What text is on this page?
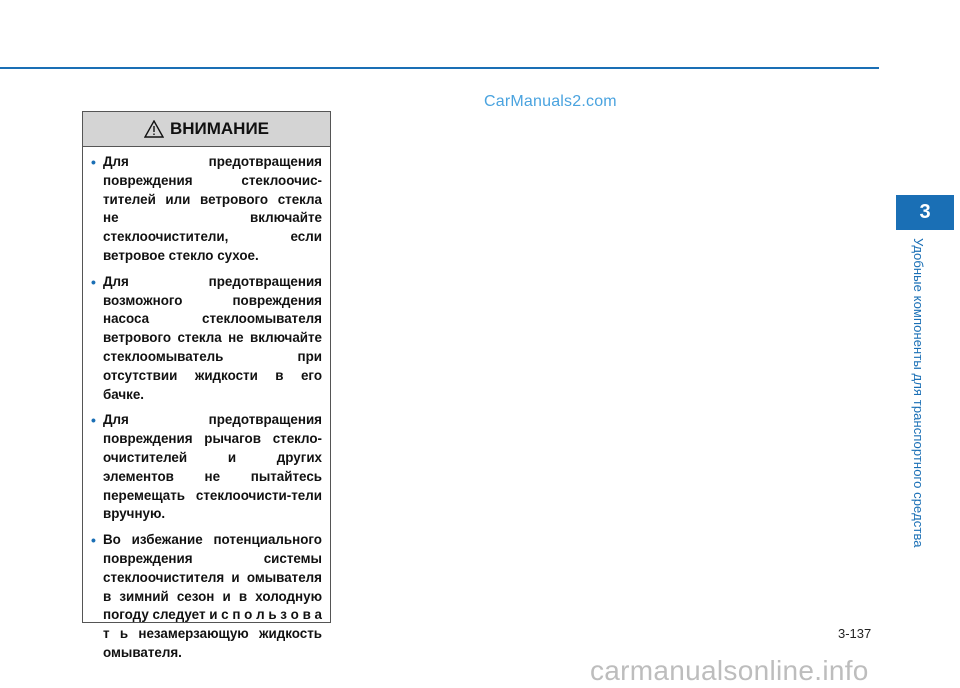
CarManuals2.com
ВНИМАНИЕ

• Для предотвращения повреждения стеклоочис-тителей или ветрового стекла не включайте стеклоочистители, если ветровое стекло сухое.

• Для предотвращения возможного повреждения насоса стеклоомывателя ветрового стекла не включайте стеклоомыватель при отсутствии жидкости в его бачке.

• Для предотвращения повреждения рычагов стекло-очистителей и других элементов не пытайтесь перемещать стеклоочисти-тели вручную.

• Во избежание потенциального повреждения системы стеклоочистителя и омывателя в зимний сезон и в холодную погоду следует и с п о л ь з о в а т ь незамерзающую жидкость омывателя.

3
Удобные компоненты для транспортного средства
3-137
carmanualsonline.info
